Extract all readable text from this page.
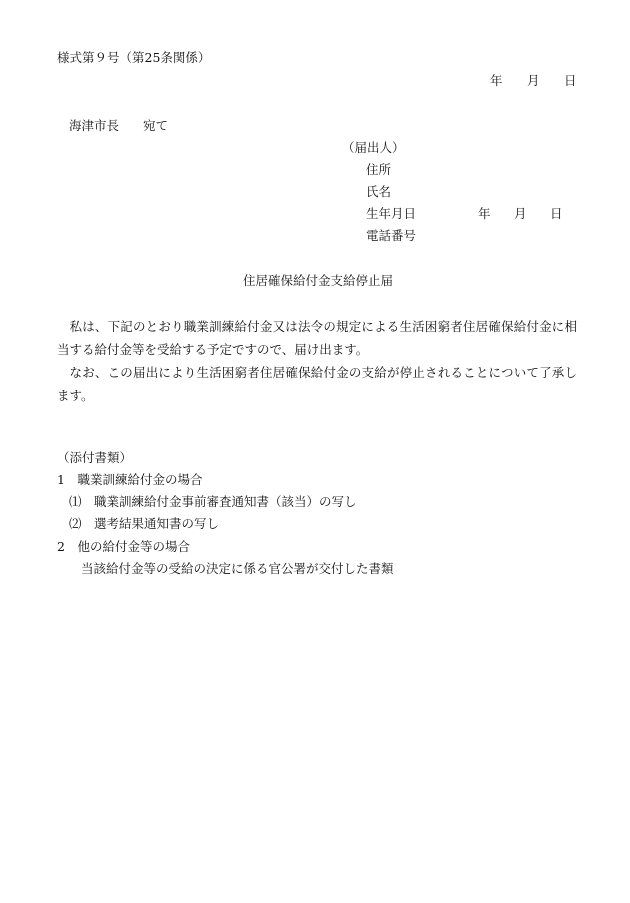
様式第９号（第25条関係）
年 月 日
海津市長 宛て
（届出人）
住所
氏名
生年月日	年 月 日
電話番号
住居確保給付金支給停止届
私は、下記のとおり職業訓練給付金又は法令の規定による生活困窮者住居確保給付金に相当する給付金等を受給する予定ですので、届け出ます。
なお、この届出により生活困窮者住居確保給付金の支給が停止されることについて了承します。
（添付書類）
1　職業訓練給付金の場合
⑴　職業訓練給付金事前審査通知書（該当）の写し
⑵　選考結果通知書の写し
2　他の給付金等の場合
当該給付金等の受給の決定に係る官公署が交付した書類
